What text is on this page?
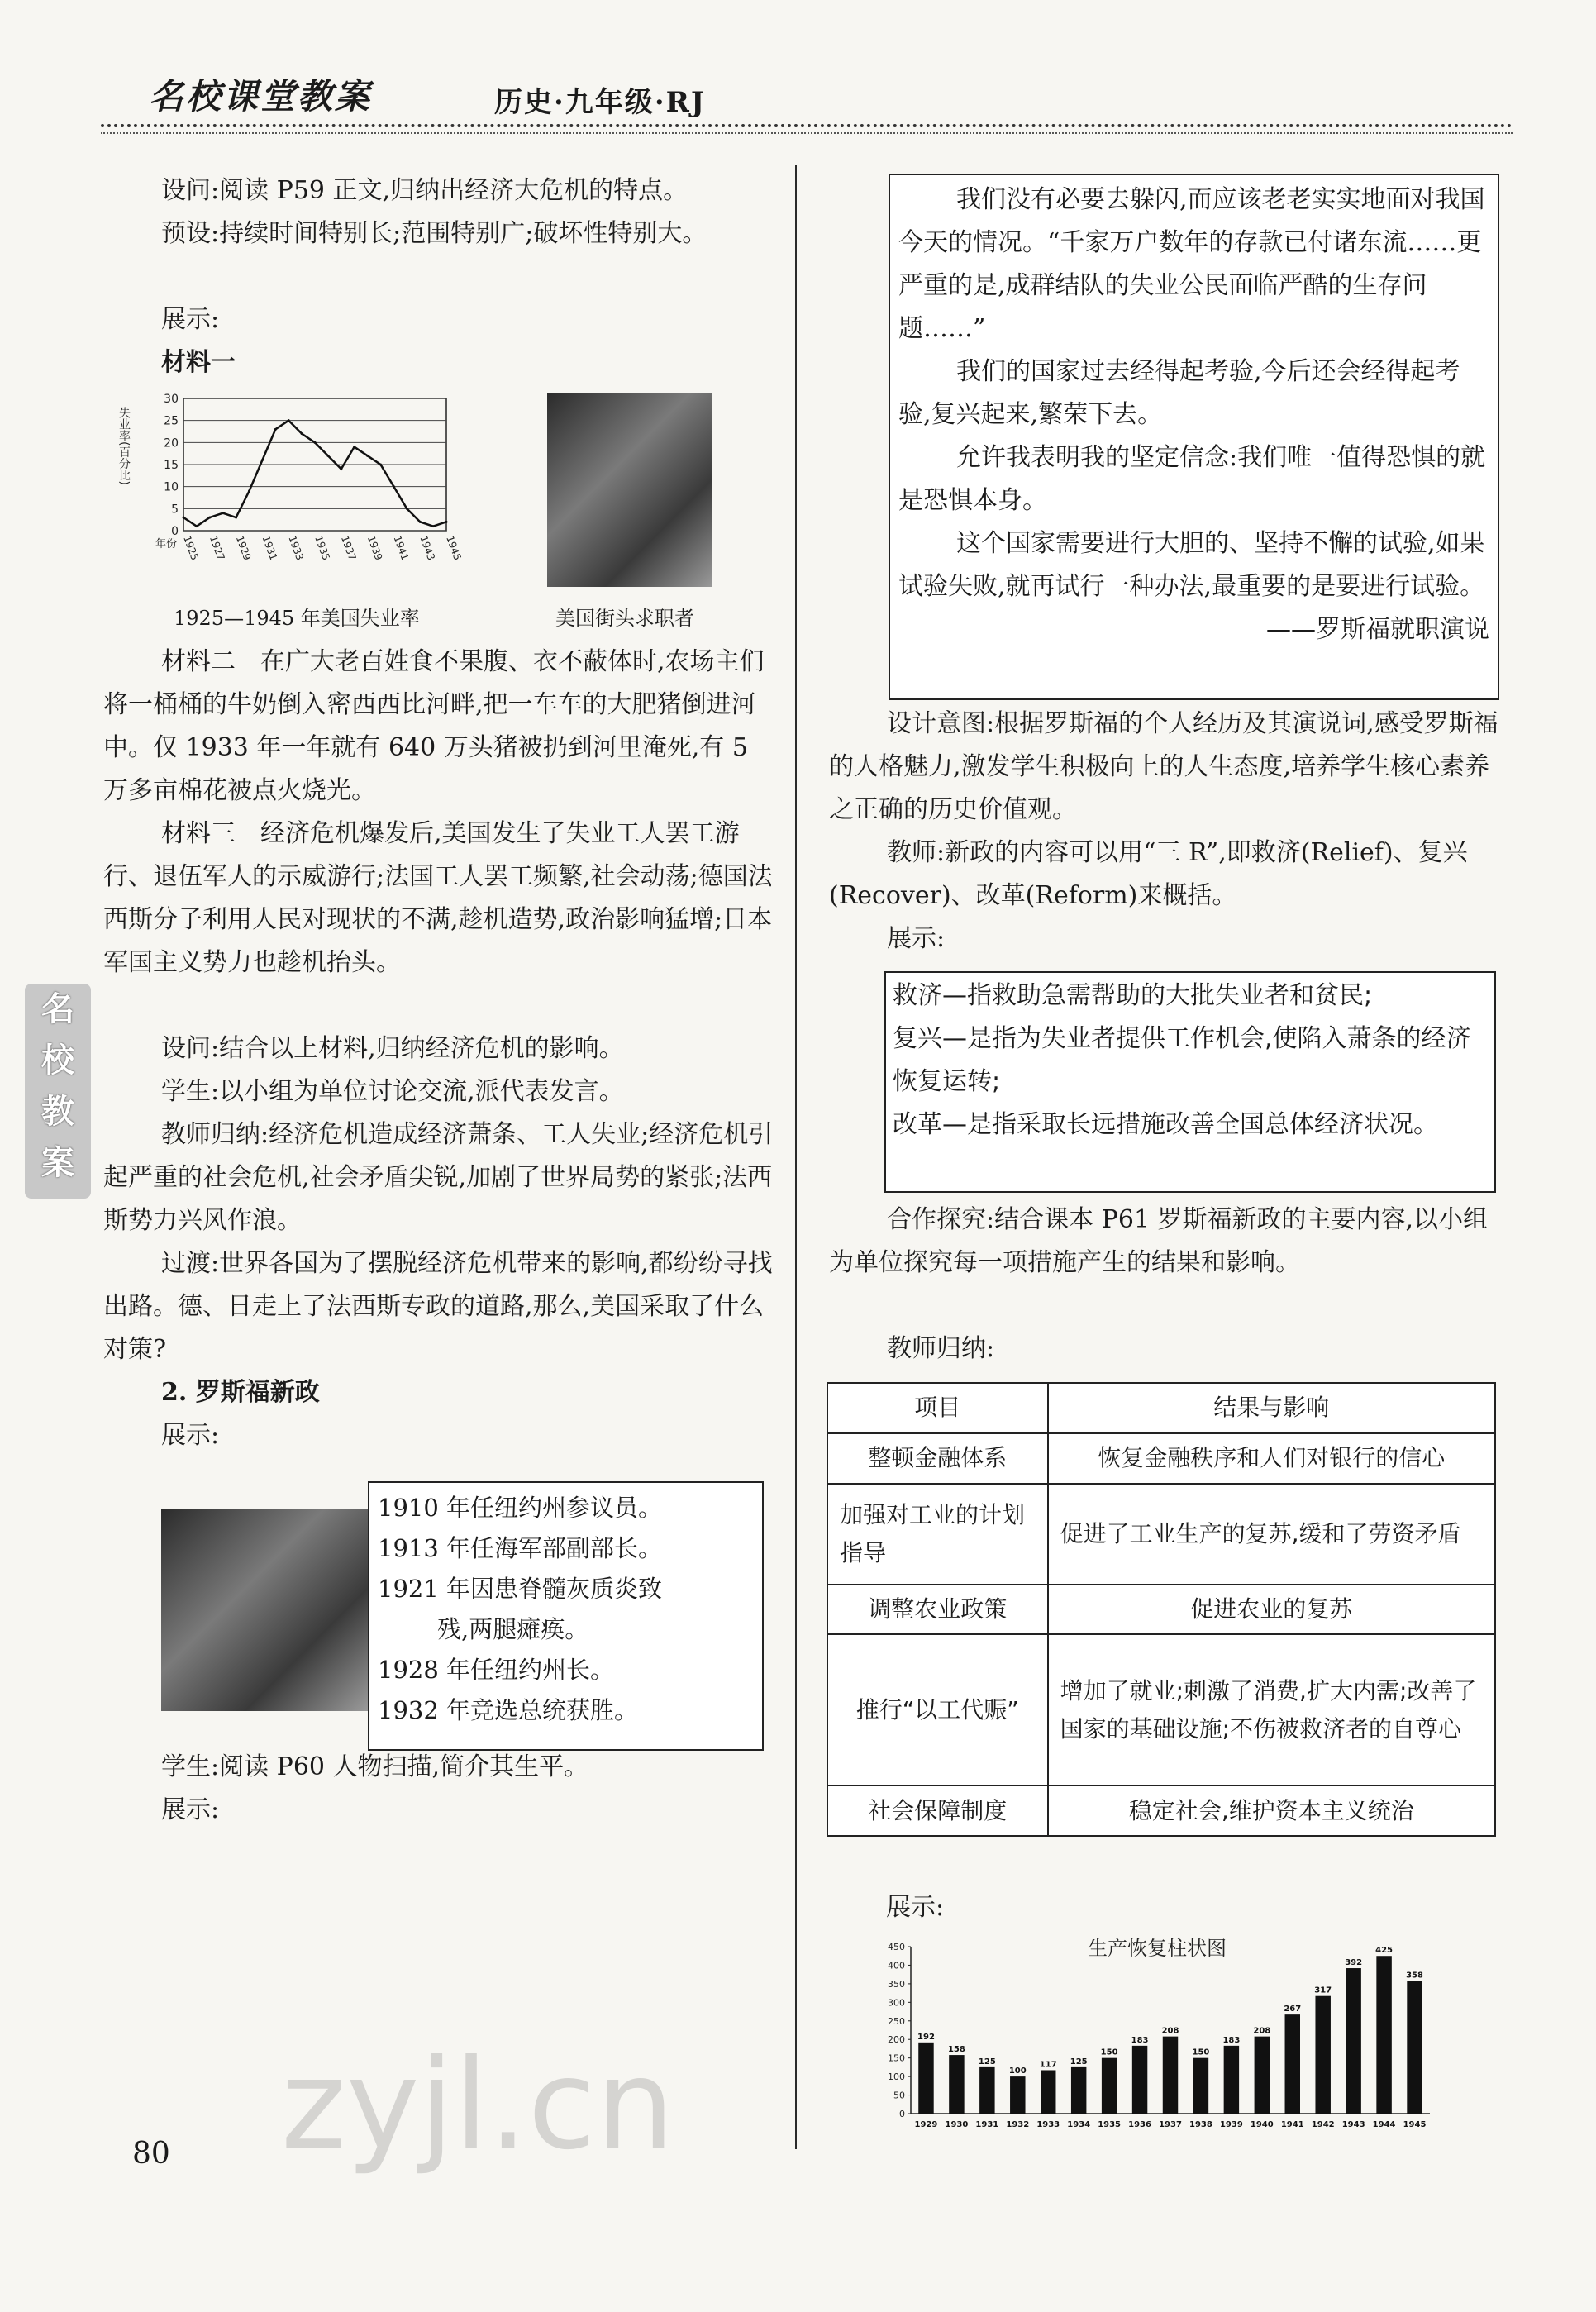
名校课堂教案	历史·九年级·RJ
名
校
教
案
设问:阅读 P59 正文,归纳出经济大危机的特点。
预设:持续时间特别长;范围特别广;破坏性特别大。
展示:
材料一
失业率(百分比)
0
5
10
15
20
25
30
1925 1927 1929 1931 1933 1935 1937 1939 1941 1943 1945
年份
1925—1945 年美国失业率	美国街头求职者
材料二　在广大老百姓食不果腹、衣不蔽体时,农场主们将一桶桶的牛奶倒入密西西比河畔,把一车车的大肥猪倒进河中。仅 1933 年一年就有 640 万头猪被扔到河里淹死,有 5 万多亩棉花被点火烧光。
材料三　经济危机爆发后,美国发生了失业工人罢工游行、退伍军人的示威游行;法国工人罢工频繁,社会动荡;德国法西斯分子利用人民对现状的不满,趁机造势,政治影响猛增;日本军国主义势力也趁机抬头。
设问:结合以上材料,归纳经济危机的影响。
学生:以小组为单位讨论交流,派代表发言。
教师归纳:经济危机造成经济萧条、工人失业;经济危机引起严重的社会危机,社会矛盾尖锐,加剧了世界局势的紧张;法西斯势力兴风作浪。
过渡:世界各国为了摆脱经济危机带来的影响,都纷纷寻找出路。德、日走上了法西斯专政的道路,那么,美国采取了什么对策?
2. 罗斯福新政
展示:
1910 年任纽约州参议员。
1913 年任海军部副部长。
1921 年因患脊髓灰质炎致
残,两腿瘫痪。
1928 年任纽约州长。
1932 年竞选总统获胜。
学生:阅读 P60 人物扫描,简介其生平。
展示:
我们没有必要去躲闪,而应该老老实实地面对我国今天的情况。“千家万户数年的存款已付诸东流……更严重的是,成群结队的失业公民面临严酷的生存问题……”
我们的国家过去经得起考验,今后还会经得起考验,复兴起来,繁荣下去。
允许我表明我的坚定信念:我们唯一值得恐惧的就是恐惧本身。
这个国家需要进行大胆的、坚持不懈的试验,如果试验失败,就再试行一种办法,最重要的是要进行试验。
——罗斯福就职演说
设计意图:根据罗斯福的个人经历及其演说词,感受罗斯福的人格魅力,激发学生积极向上的人生态度,培养学生核心素养之正确的历史价值观。
教师:新政的内容可以用“三 R”,即救济(Relief)、复兴(Recover)、改革(Reform)来概括。
展示:
救济—指救助急需帮助的大批失业者和贫民;
复兴—是指为失业者提供工作机会,使陷入萧条的经济恢复运转;
改革—是指采取长远措施改善全国总体经济状况。
合作探究:结合课本 P61 罗斯福新政的主要内容,以小组为单位探究每一项措施产生的结果和影响。
教师归纳:
项目	结果与影响
整顿金融体系	恢复金融秩序和人们对银行的信心
加强对工业的计划指导	促进了工业生产的复苏,缓和了劳资矛盾
调整农业政策	促进农业的复苏
推行“以工代赈”	增加了就业;刺激了消费,扩大内需;改善了国家的基础设施;不伤被救济者的自尊心
社会保障制度	稳定社会,维护资本主义统治
展示:
生产恢复柱状图
0
50
100
150
200
250
300
350
400
450
192
1929
158
1930
125
1931
100
1932
117
1933
125
1934
150
1935
183
1936
208
1937
150
1938
183
1939
208
1940
267
1941
317
1942
392
1943
425
1944
358
1945
80 zyjl.cn
